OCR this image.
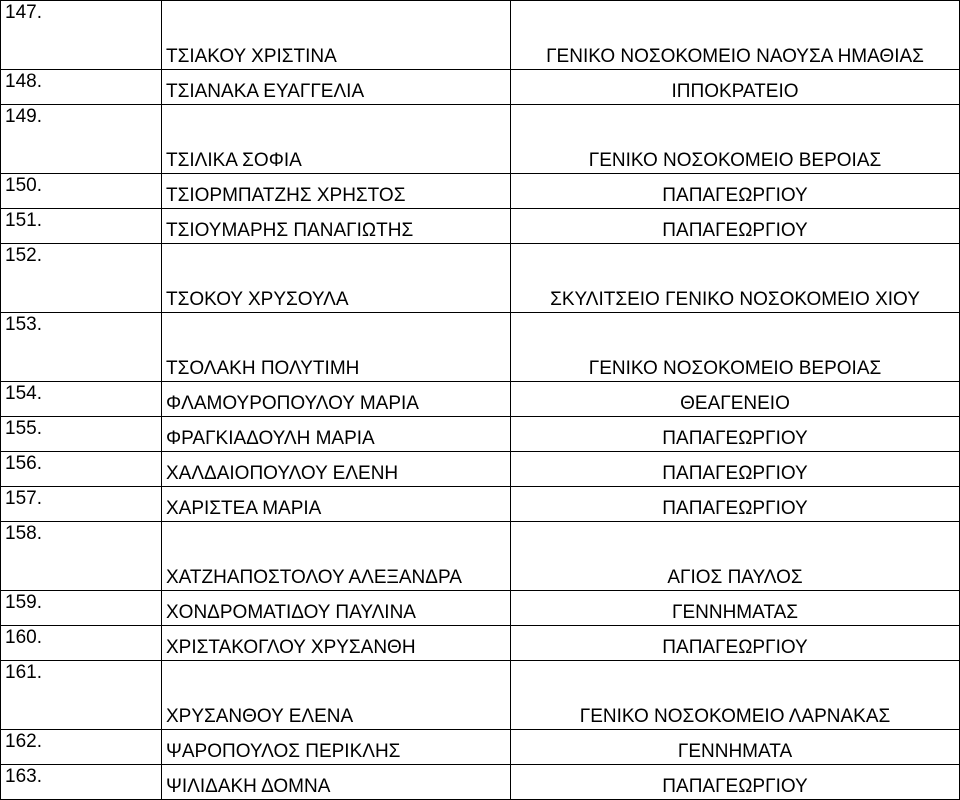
147.	ΤΣΙΑΚΟΥ ΧΡΙΣΤΙΝΑ	ΓΕΝΙΚΟ ΝΟΣΟΚΟΜΕΙΟ ΝΑΟΥΣΑ ΗΜΑΘΙΑΣ
148.	ΤΣΙΑΝΑΚΑ ΕΥΑΓΓΕΛΙΑ	ΙΠΠΟΚΡΑΤΕΙΟ
149.	ΤΣΙΛΙΚΑ ΣΟΦΙΑ	ΓΕΝΙΚΟ ΝΟΣΟΚΟΜΕΙΟ ΒΕΡΟΙΑΣ
150.	ΤΣΙΟΡΜΠΑΤΖΗΣ ΧΡΗΣΤΟΣ	ΠΑΠΑΓΕΩΡΓΙΟΥ
151.	ΤΣΙΟΥΜΑΡΗΣ ΠΑΝΑΓΙΩΤΗΣ	ΠΑΠΑΓΕΩΡΓΙΟΥ
152.	ΤΣΟΚΟΥ ΧΡΥΣΟΥΛΑ	ΣΚΥΛΙΤΣΕΙΟ ΓΕΝΙΚΟ ΝΟΣΟΚΟΜΕΙΟ ΧΙΟΥ
153.	ΤΣΟΛΑΚΗ ΠΟΛΥΤΙΜΗ	ΓΕΝΙΚΟ ΝΟΣΟΚΟΜΕΙΟ ΒΕΡΟΙΑΣ
154.	ΦΛΑΜΟΥΡΟΠΟΥΛΟΥ ΜΑΡΙΑ	ΘΕΑΓΕΝΕΙΟ
155.	ΦΡΑΓΚΙΑΔΟΥΛΗ ΜΑΡΙΑ	ΠΑΠΑΓΕΩΡΓΙΟΥ
156.	ΧΑΛΔΑΙΟΠΟΥΛΟΥ ΕΛΕΝΗ	ΠΑΠΑΓΕΩΡΓΙΟΥ
157.	ΧΑΡΙΣΤΕΑ ΜΑΡΙΑ	ΠΑΠΑΓΕΩΡΓΙΟΥ
158.	ΧΑΤΖΗΑΠΟΣΤΟΛΟΥ ΑΛΕΞΑΝΔΡΑ	ΑΓΙΟΣ ΠΑΥΛΟΣ
159.	ΧΟΝΔΡΟΜΑΤΙΔΟΥ ΠΑΥΛΙΝΑ	ΓΕΝΝΗΜΑΤΑΣ
160.	ΧΡΙΣΤΑΚΟΓΛΟΥ ΧΡΥΣΑΝΘΗ	ΠΑΠΑΓΕΩΡΓΙΟΥ
161.	ΧΡΥΣΑΝΘΟΥ ΕΛΕΝΑ	ΓΕΝΙΚΟ ΝΟΣΟΚΟΜΕΙΟ ΛΑΡΝΑΚΑΣ
162.	ΨΑΡΟΠΟΥΛΟΣ ΠΕΡΙΚΛΗΣ	ΓΕΝΝΗΜΑΤΑ
163.	ΨΙΛΙΔΑΚΗ ΔΟΜΝΑ	ΠΑΠΑΓΕΩΡΓΙΟΥ
